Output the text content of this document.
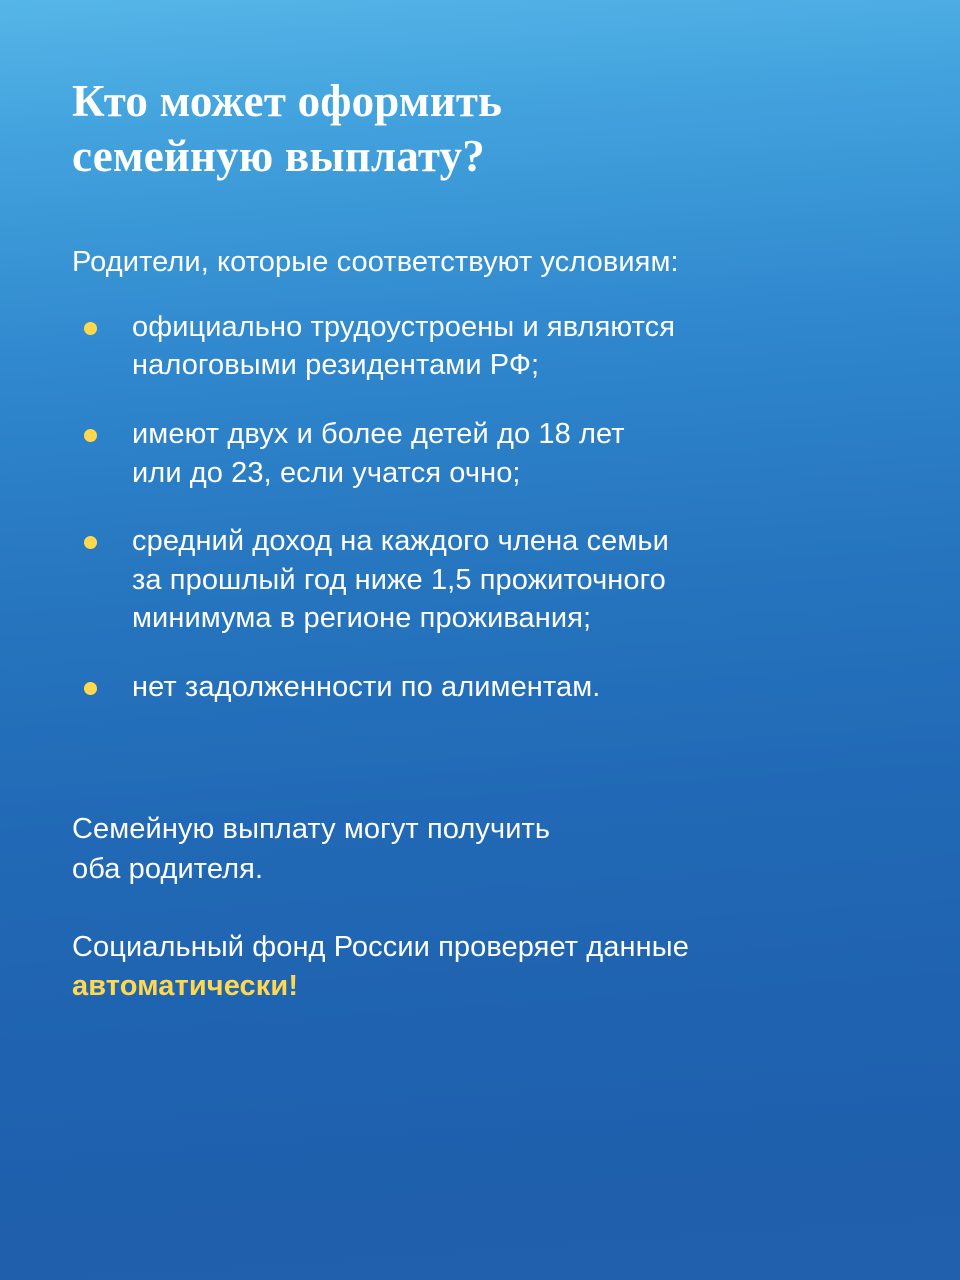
Кто может оформить
семейную выплату?

Родители, которые соответствуют условиям:

официально трудоустроены и являются
налоговыми резидентами РФ;
имеют двух и более детей до 18 лет
или до 23, если учатся очно;
средний доход на каждого члена семьи
за прошлый год ниже 1,5 прожиточного
минимума в регионе проживания;
нет задолженности по алиментам.

Семейную выплату могут получить
оба родителя.

Социальный фонд России проверяет данные
автоматически!
